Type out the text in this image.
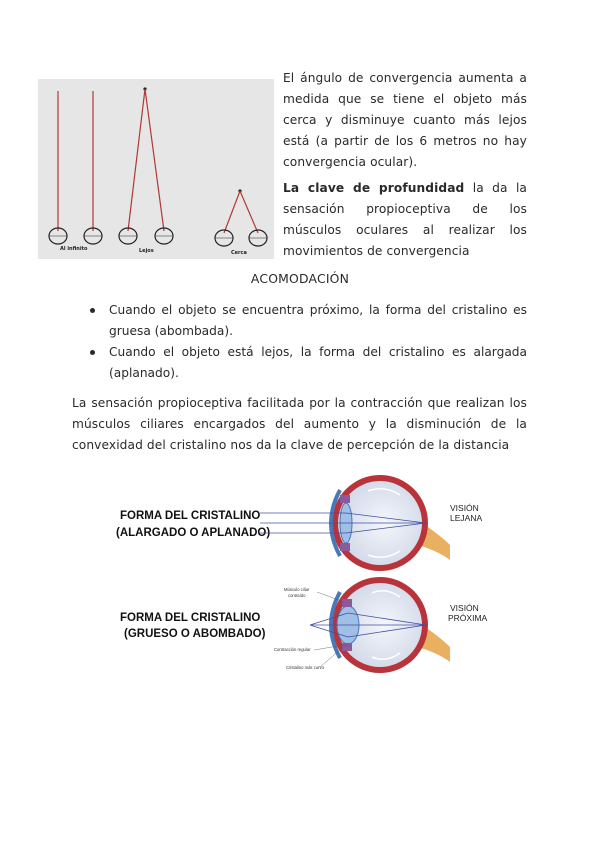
Al infinito	Lejos	Cerca
El ángulo de convergencia aumenta a medida que se tiene el objeto más cerca y disminuye cuanto más lejos está (a partir de los 6 metros no hay convergencia ocular).
La clave de profundidad la da la sensación propioceptiva de los músculos oculares al realizar los movimientos de convergencia
ACOMODACIÓN
Cuando el objeto se encuentra próximo, la forma del cristalino es gruesa (abombada).
Cuando el objeto está lejos, la forma del cristalino es alargada (aplanado).
La sensación propioceptiva facilitada por la contracción que realizan los músculos ciliares encargados del aumento y la disminución de la convexidad del cristalino nos da la clave de percepción de la distancia
FORMA DEL CRISTALINO
(ALARGADO O APLANADO)
VISIÓN
LEJANA
FORMA DEL CRISTALINO
(GRUESO O ABOMBADO)
Músculo ciliar
contraído
Contracción regular
Cristalino más curvo
VISIÓN
PRÓXIMA
